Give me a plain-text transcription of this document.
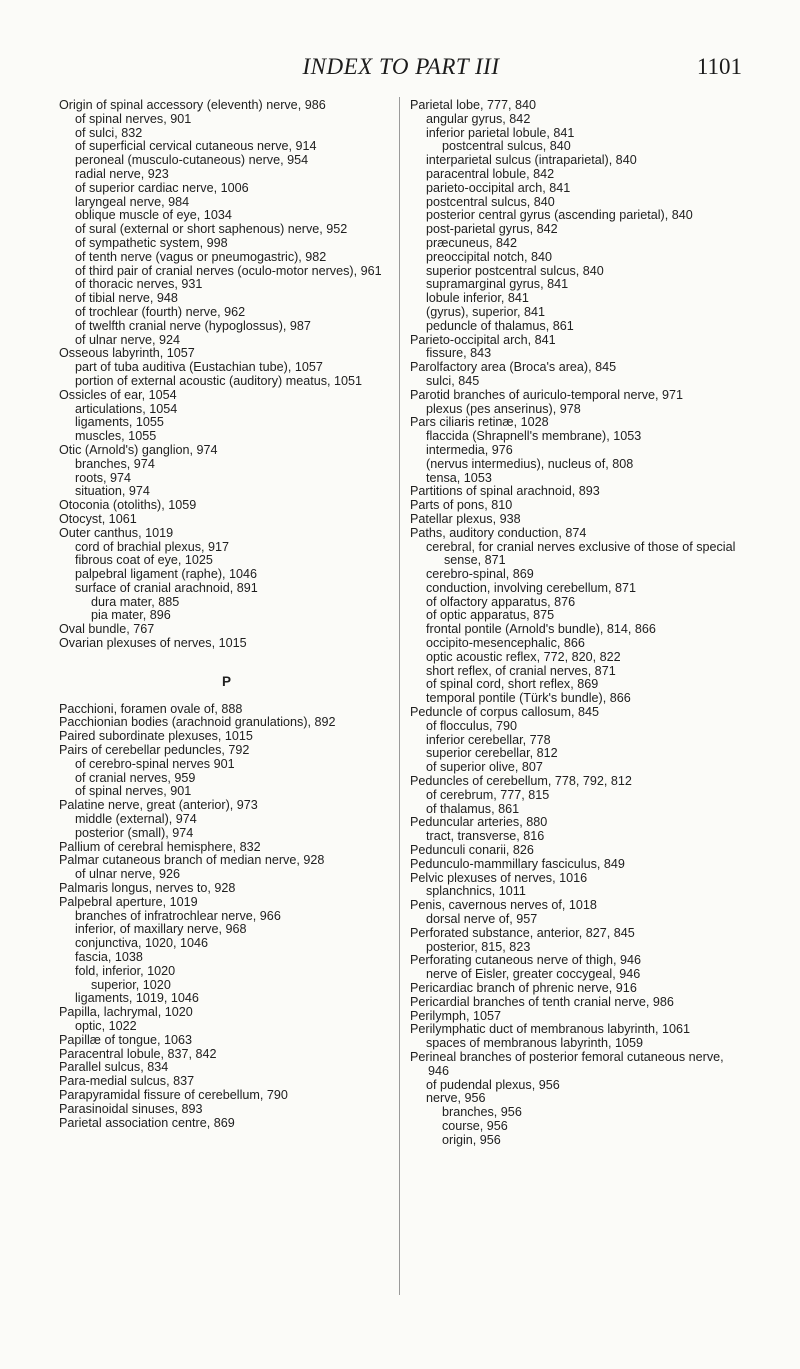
INDEX TO PART III	1101
Origin of spinal accessory (eleventh) nerve, 986
of spinal nerves, 901
of sulci, 832
of superficial cervical cutaneous nerve, 914
peroneal (musculo-cutaneous) nerve, 954
radial nerve, 923
of superior cardiac nerve, 1006
laryngeal nerve, 984
oblique muscle of eye, 1034
of sural (external or short saphenous) nerve, 952
of sympathetic system, 998
of tenth nerve (vagus or pneumogastric), 982
of third pair of cranial nerves (oculo-motor nerves), 961
of thoracic nerves, 931
of tibial nerve, 948
of trochlear (fourth) nerve, 962
of twelfth cranial nerve (hypoglossus), 987
of ulnar nerve, 924
Osseous labyrinth, 1057
part of tuba auditiva (Eustachian tube), 1057
portion of external acoustic (auditory) meatus, 1051
Ossicles of ear, 1054
articulations, 1054
ligaments, 1055
muscles, 1055
Otic (Arnold's) ganglion, 974
branches, 974
roots, 974
situation, 974
Otoconia (otoliths), 1059
Otocyst, 1061
Outer canthus, 1019
cord of brachial plexus, 917
fibrous coat of eye, 1025
palpebral ligament (raphe), 1046
surface of cranial arachnoid, 891
dura mater, 885
pia mater, 896
Oval bundle, 767
Ovarian plexuses of nerves, 1015
P
Pacchioni, foramen ovale of, 888
Pacchionian bodies (arachnoid granulations), 892
Paired subordinate plexuses, 1015
Pairs of cerebellar peduncles, 792
of cerebro-spinal nerves 901
of cranial nerves, 959
of spinal nerves, 901
Palatine nerve, great (anterior), 973
middle (external), 974
posterior (small), 974
Pallium of cerebral hemisphere, 832
Palmar cutaneous branch of median nerve, 928
of ulnar nerve, 926
Palmaris longus, nerves to, 928
Palpebral aperture, 1019
branches of infratrochlear nerve, 966
inferior, of maxillary nerve, 968
conjunctiva, 1020, 1046
fascia, 1038
fold, inferior, 1020
superior, 1020
ligaments, 1019, 1046
Papilla, lachrymal, 1020
optic, 1022
Papillæ of tongue, 1063
Paracentral lobule, 837, 842
Parallel sulcus, 834
Para-medial sulcus, 837
Parapyramidal fissure of cerebellum, 790
Parasinoidal sinuses, 893
Parietal association centre, 869
Parietal lobe, 777, 840
angular gyrus, 842
inferior parietal lobule, 841
postcentral sulcus, 840
interparietal sulcus (intraparietal), 840
paracentral lobule, 842
parieto-occipital arch, 841
postcentral sulcus, 840
posterior central gyrus (ascending parietal), 840
post-parietal gyrus, 842
præcuneus, 842
preoccipital notch, 840
superior postcentral sulcus, 840
supramarginal gyrus, 841
lobule inferior, 841
(gyrus), superior, 841
peduncle of thalamus, 861
Parieto-occipital arch, 841
fissure, 843
Parolfactory area (Broca's area), 845
sulci, 845
Parotid branches of auriculo-temporal nerve, 971
plexus (pes anserinus), 978
Pars ciliaris retinæ, 1028
flaccida (Shrapnell's membrane), 1053
intermedia, 976
(nervus intermedius), nucleus of, 808
tensa, 1053
Partitions of spinal arachnoid, 893
Parts of pons, 810
Patellar plexus, 938
Paths, auditory conduction, 874
cerebral, for cranial nerves exclusive of those of special sense, 871
cerebro-spinal, 869
conduction, involving cerebellum, 871
of olfactory apparatus, 876
of optic apparatus, 875
frontal pontile (Arnold's bundle), 814, 866
occipito-mesencephalic, 866
optic acoustic reflex, 772, 820, 822
short reflex, of cranial nerves, 871
of spinal cord, short reflex, 869
temporal pontile (Türk's bundle), 866
Peduncle of corpus callosum, 845
of flocculus, 790
inferior cerebellar, 778
superior cerebellar, 812
of superior olive, 807
Peduncles of cerebellum, 778, 792, 812
of cerebrum, 777, 815
of thalamus, 861
Peduncular arteries, 880
tract, transverse, 816
Pedunculi conarii, 826
Pedunculo-mammillary fasciculus, 849
Pelvic plexuses of nerves, 1016
splanchnics, 1011
Penis, cavernous nerves of, 1018
dorsal nerve of, 957
Perforated substance, anterior, 827, 845
posterior, 815, 823
Perforating cutaneous nerve of thigh, 946
nerve of Eisler, greater coccygeal, 946
Pericardiac branch of phrenic nerve, 916
Pericardial branches of tenth cranial nerve, 986
Perilymph, 1057
Perilymphatic duct of membranous labyrinth, 1061
spaces of membranous labyrinth, 1059
Perineal branches of posterior femoral cutaneous nerve, 946
of pudendal plexus, 956
nerve, 956
branches, 956
course, 956
origin, 956
